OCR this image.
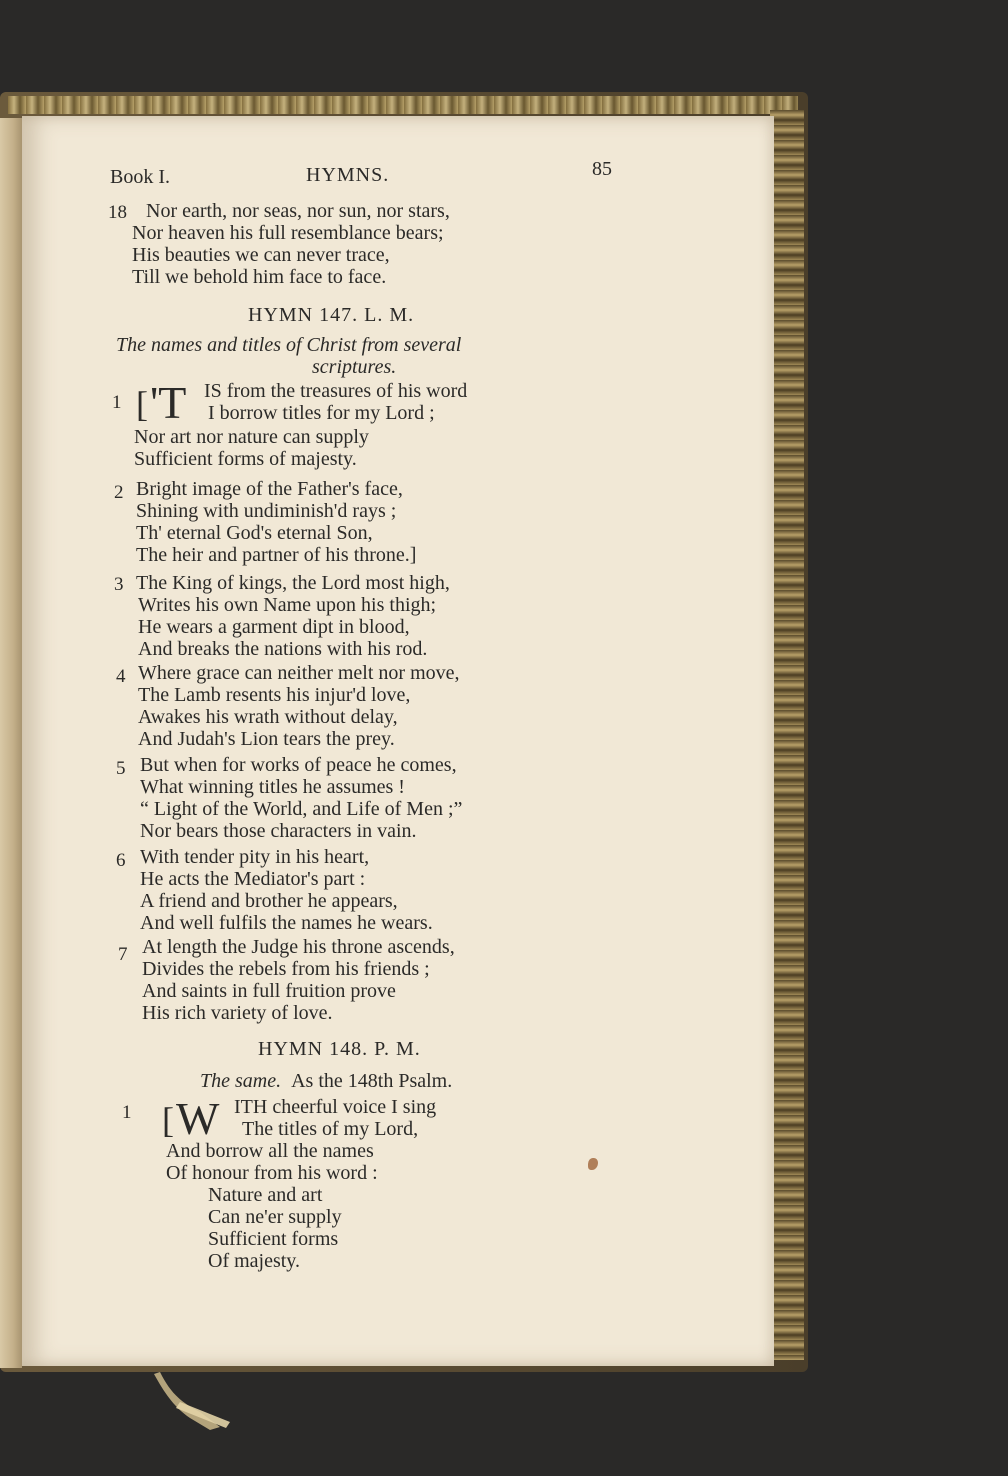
Book I.	HYMNS.	85
18 Nor earth, nor seas, nor sun, nor stars,
Nor heaven his full resemblance bears;
His beauties we can never trace,
Till we behold him face to face.
HYMN 147. L. M.
The names and titles of Christ from several
scriptures.
1 [ 'T IS from the treasures of his word
I borrow titles for my Lord ;
Nor art nor nature can supply
Sufficient forms of majesty.
2 Bright image of the Father's face,
Shining with undiminish'd rays ;
Th' eternal God's eternal Son,
The heir and partner of his throne.]
3 The King of kings, the Lord most high,
Writes his own Name upon his thigh;
He wears a garment dipt in blood,
And breaks the nations with his rod.
4 Where grace can neither melt nor move,
The Lamb resents his injur'd love,
Awakes his wrath without delay,
And Judah's Lion tears the prey.
5 But when for works of peace he comes,
What winning titles he assumes !
“ Light of the World, and Life of Men ;”
Nor bears those characters in vain.
6 With tender pity in his heart,
He acts the Mediator's part :
A friend and brother he appears,
And well fulfils the names he wears.
7 At length the Judge his throne ascends,
Divides the rebels from his friends ;
And saints in full fruition prove
His rich variety of love.
HYMN 148. P. M.
The same. As the 148th Psalm.
1 [ W ITH cheerful voice I sing
The titles of my Lord,
And borrow all the names
Of honour from his word :
Nature and art
Can ne'er supply
Sufficient forms
Of majesty.
